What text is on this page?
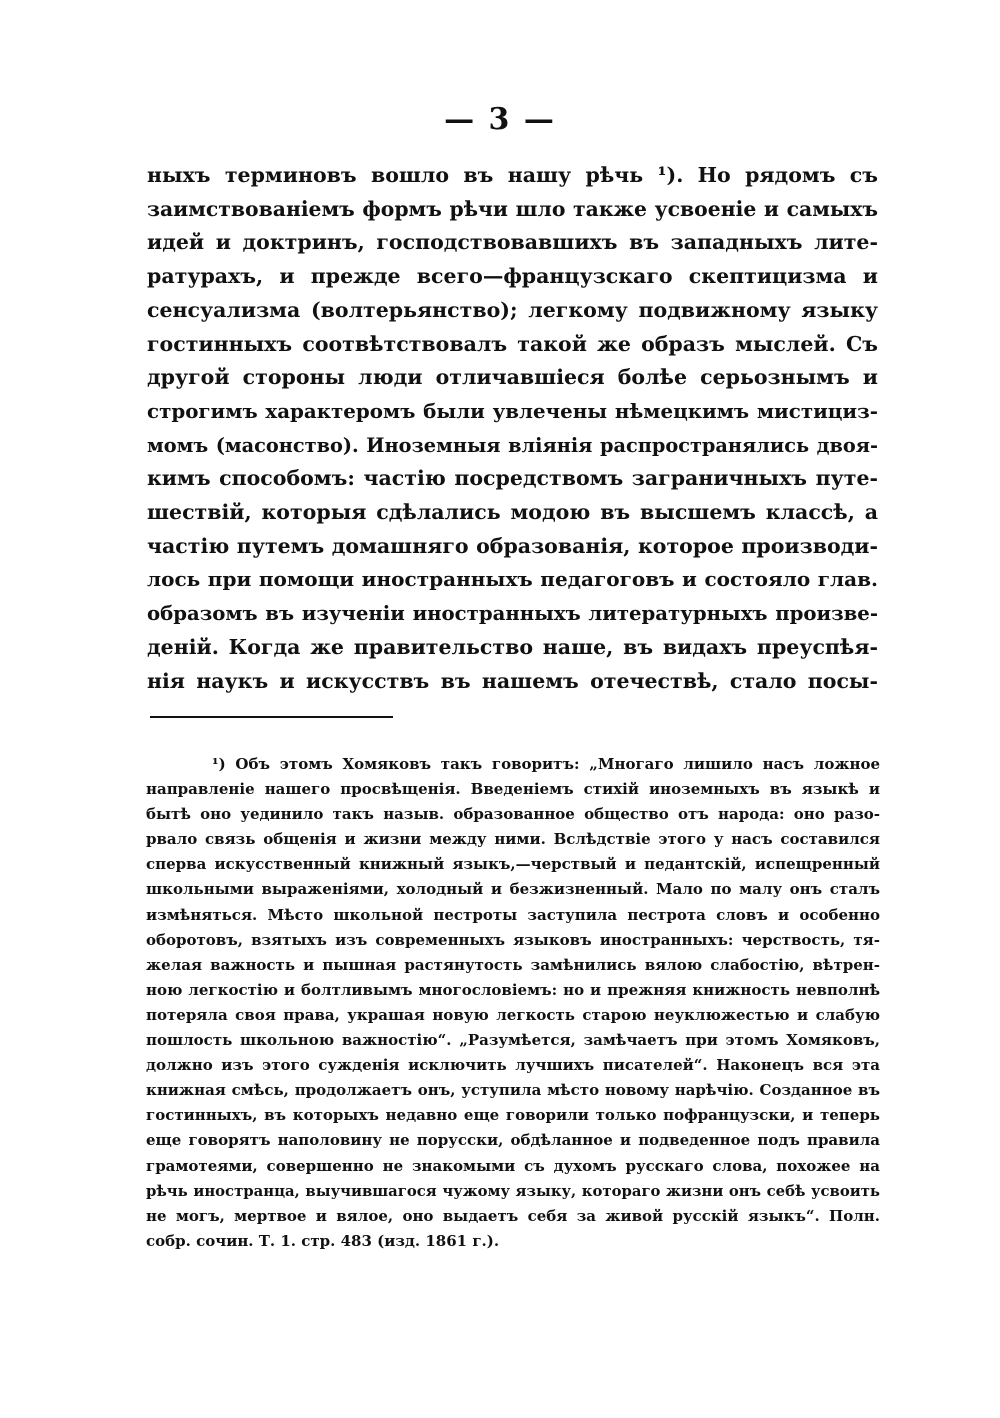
— 3 —
ныхъ терминовъ вошло въ нашу рѣчь ¹). Но рядомъ съ
заимствованіемъ формъ рѣчи шло также усвоеніе и самыхъ
идей и доктринъ, господствовавшихъ въ западныхъ лите-
ратурахъ, и прежде всего—французскаго скептицизма и
сенсуализма (волтерьянство); легкому подвижному языку
гостинныхъ соотвѣтствовалъ такой же образъ мыслей. Съ
другой стороны люди отличавшіеся болѣе серьознымъ и
строгимъ характеромъ были увлечены нѣмецкимъ мистициз-
момъ (масонство). Иноземныя вліянія распространялись двоя-
кимъ способомъ: частію посредствомъ заграничныхъ путе-
шествій, которыя сдѣлались модою въ высшемъ классѣ, а
частію путемъ домашняго образованія, которое производи-
лось при помощи иностранныхъ педагоговъ и состояло глав.
образомъ въ изученіи иностранныхъ литературныхъ произве-
деній. Когда же правительство наше, въ видахъ преуспѣя-
нія наукъ и искусствъ въ нашемъ отечествѣ, стало посы-
¹) Объ этомъ Хомяковъ такъ говоритъ: „Многаго лишило насъ ложное
направленіе нашего просвѣщенія. Введеніемъ стихій иноземныхъ въ языкѣ и
бытѣ оно уединило такъ назыв. образованное общество отъ народа: оно разо-
рвало связь общенія и жизни между ними. Вслѣдствіе этого у насъ составился
сперва искусственный книжный языкъ,—черствый и педантскій, испещренный
школьными выраженіями, холодный и безжизненный. Мало по малу онъ сталъ
измѣняться. Мѣсто школьной пестроты заступила пестрота словъ и особенно
оборотовъ, взятыхъ изъ современныхъ языковъ иностранныхъ: черствость, тя-
желая важность и пышная растянутость замѣнились вялою слабостію, вѣтрен-
ною легкостію и болтливымъ многословіемъ: но и прежняя книжность невполнѣ
потеряла своя права, украшая новую легкость старою неуклюжестью и слабую
пошлость школьною важностію“. „Разумѣется, замѣчаетъ при этомъ Хомяковъ,
должно изъ этого сужденія исключить лучшихъ писателей“. Наконецъ вся эта
книжная смѣсь, продолжаетъ онъ, уступила мѣсто новому нарѣчію. Созданное въ
гостинныхъ, въ которыхъ недавно еще говорили только пофранцузски, и теперь
еще говорятъ наполовину не порусски, обдѣланное и подведенное подъ правила
грамотеями, совершенно не знакомыми съ духомъ русскаго слова, похожее на
рѣчь иностранца, выучившагося чужому языку, котораго жизни онъ себѣ усвоить
не могъ, мертвое и вялое, оно выдаетъ себя за живой русскій языкъ“. Полн.
собр. сочин. Т. 1. стр. 483 (изд. 1861 г.).
